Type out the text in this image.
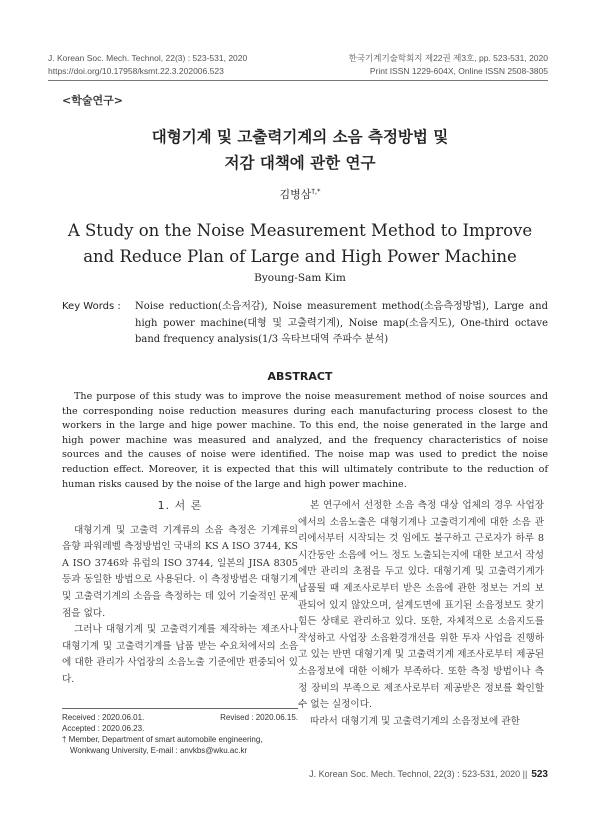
J. Korean Soc. Mech. Technol, 22(3) : 523-531, 2020	한국기계기술학회지 제22권 제3호, pp. 523-531, 2020
https://doi.org/10.17958/ksmt.22.3.202006.523	Print ISSN 1229-604X, Online ISSN 2508-3805
<학술연구>
대형기계 및 고출력기계의 소음 측정방법 및
저감 대책에 관한 연구
김병삼†,*
A Study on the Noise Measurement Method to Improve
and Reduce Plan of Large and High Power Machine
Byoung-Sam Kim
Key Words :	Noise reduction(소음저감), Noise measurement method(소음측정방법), Large and high power machine(대형 및 고출력기계), Noise map(소음지도), One-third octave band frequency analysis(1/3 옥타브대역 주파수 분석)
ABSTRACT
The purpose of this study was to improve the noise measurement method of noise sources and the corresponding noise reduction measures during each manufacturing process closest to the workers in the large and hige power machine. To this end, the noise generated in the large and high power machine was measured and analyzed, and the frequency characteristics of noise sources and the causes of noise were identified. The noise map was used to predict the noise reduction effect. Moreover, it is expected that this will ultimately contribute to the reduction of human risks caused by the noise of the large and high power machine.
1. 서 론

대형기계 및 고출력 기계류의 소음 측정은 기계류의 음향 파워레벨 측정방법인 국내의 KS A ISO 3744, KS A ISO 3746와 유럽의 ISO 3744, 일본의 JISA 8305 등과 동일한 방법으로 사용된다. 이 측정방법은 대형기계 및 고출력기계의 소음을 측정하는 데 있어 기술적인 문제점을 없다.

그러나 대형기계 및 고출력기계를 제작하는 제조사나 대형기계 및 고출력기계를 납품 받는 수요처에서의 소음에 대한 관리가 사업장의 소음노출 기준에만 편중되어 있다.

본 연구에서 선정한 소음 측정 대상 업체의 경우 사업장에서의 소음노출은 대형기계나 고출력기계에 대한 소음 관리에서부터 시작되는 것 임에도 불구하고 근로자가 하루 8시간동안 소음에 어느 정도 노출되는지에 대한 보고서 작성에만 관리의 초점을 두고 있다. 대형기계 및 고출력기계가 납품될 때 제조사로부터 받은 소음에 관한 정보는 거의 보관되어 있지 않았으며, 설계도면에 표기된 소음정보도 찾기 힘든 상태로 관리하고 있다. 또한, 자체적으로 소음지도를 작성하고 사업장 소음환경개선을 위한 투자 사업을 진행하고 있는 반면 대형기계 및 고출력기계 제조사로부터 제공된 소음정보에 대한 이해가 부족하다. 또한 측정 방법이나 측정 장비의 부족으로 제조사로부터 제공받은 정보를 확인할 수 없는 실정이다.

따라서 대형기계 및 고출력기계의 소음정보에 관한

Received : 2020.06.01.	Revised : 2020.06.15.
Accepted : 2020.06.23.
† Member, Department of smart automobile engineering,
Wonkwang University, E-mail : anvkbs@wku.ac.kr
J. Korean Soc. Mech. Technol, 22(3) : 523-531, 2020 || 523
